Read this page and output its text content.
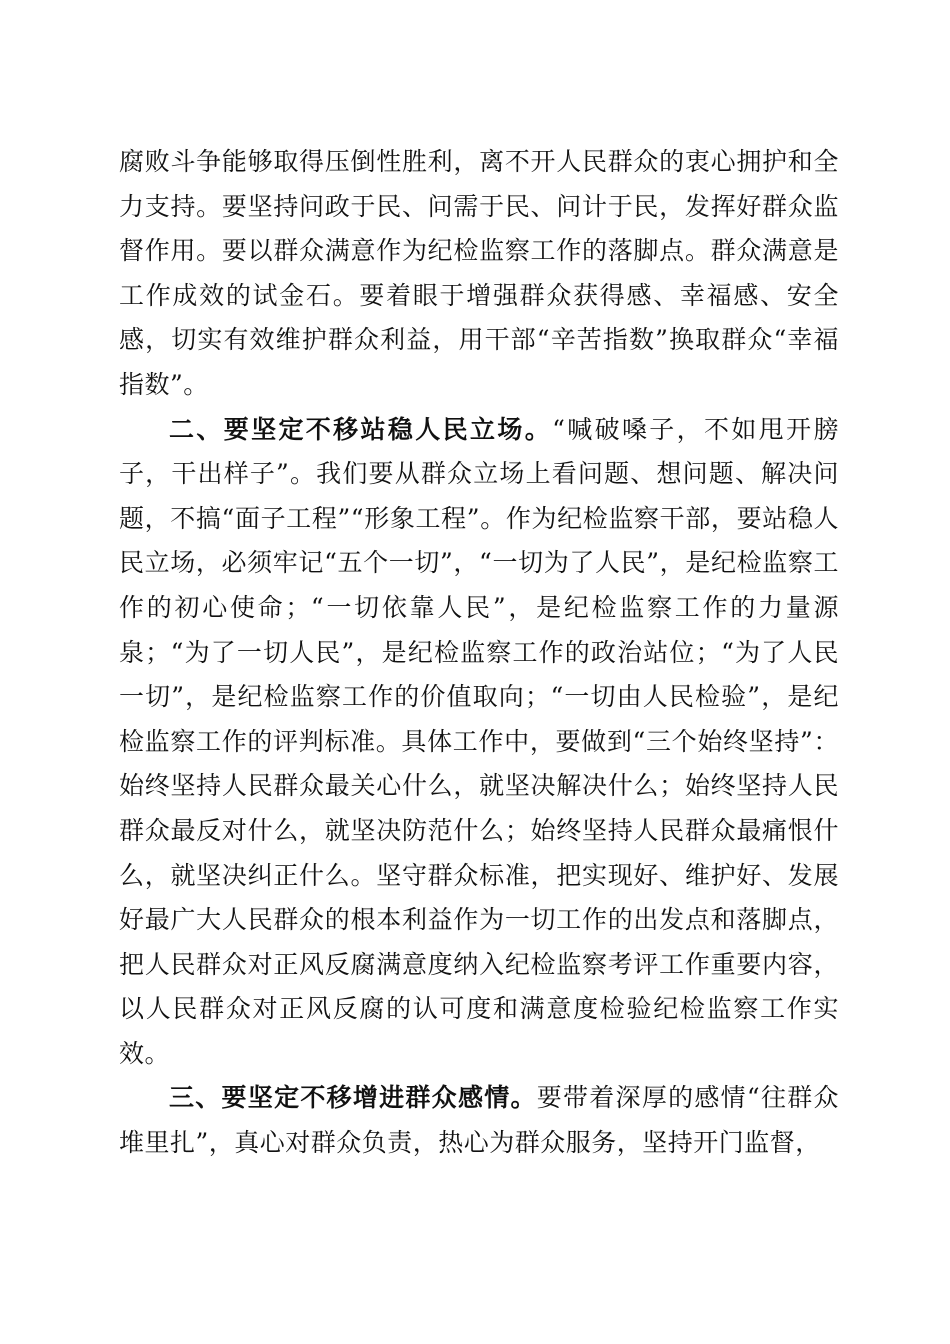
腐败斗争能够取得压倒性胜利，离不开人民群众的衷心拥护和全力支持。要坚持问政于民、问需于民、问计于民，发挥好群众监督作用。要以群众满意作为纪检监察工作的落脚点。群众满意是工作成效的试金石。要着眼于增强群众获得感、幸福感、安全感，切实有效维护群众利益，用干部“辛苦指数”换取群众“幸福指数”。

二、要坚定不移站稳人民立场。“喊破嗓子，不如甩开膀子，干出样子”。我们要从群众立场上看问题、想问题、解决问题，不搞“面子工程”“形象工程”。作为纪检监察干部，要站稳人民立场，必须牢记“五个一切”，“一切为了人民”，是纪检监察工作的初心使命；“一切依靠人民”，是纪检监察工作的力量源泉；“为了一切人民”，是纪检监察工作的政治站位；“为了人民一切”，是纪检监察工作的价值取向；“一切由人民检验”，是纪检监察工作的评判标准。具体工作中，要做到“三个始终坚持”：始终坚持人民群众最关心什么，就坚决解决什么；始终坚持人民群众最反对什么，就坚决防范什么；始终坚持人民群众最痛恨什么，就坚决纠正什么。坚守群众标准，把实现好、维护好、发展好最广大人民群众的根本利益作为一切工作的出发点和落脚点，把人民群众对正风反腐满意度纳入纪检监察考评工作重要内容，以人民群众对正风反腐的认可度和满意度检验纪检监察工作实效。

三、要坚定不移增进群众感情。要带着深厚的感情“往群众堆里扎”，真心对群众负责，热心为群众服务，坚持开门监督，
